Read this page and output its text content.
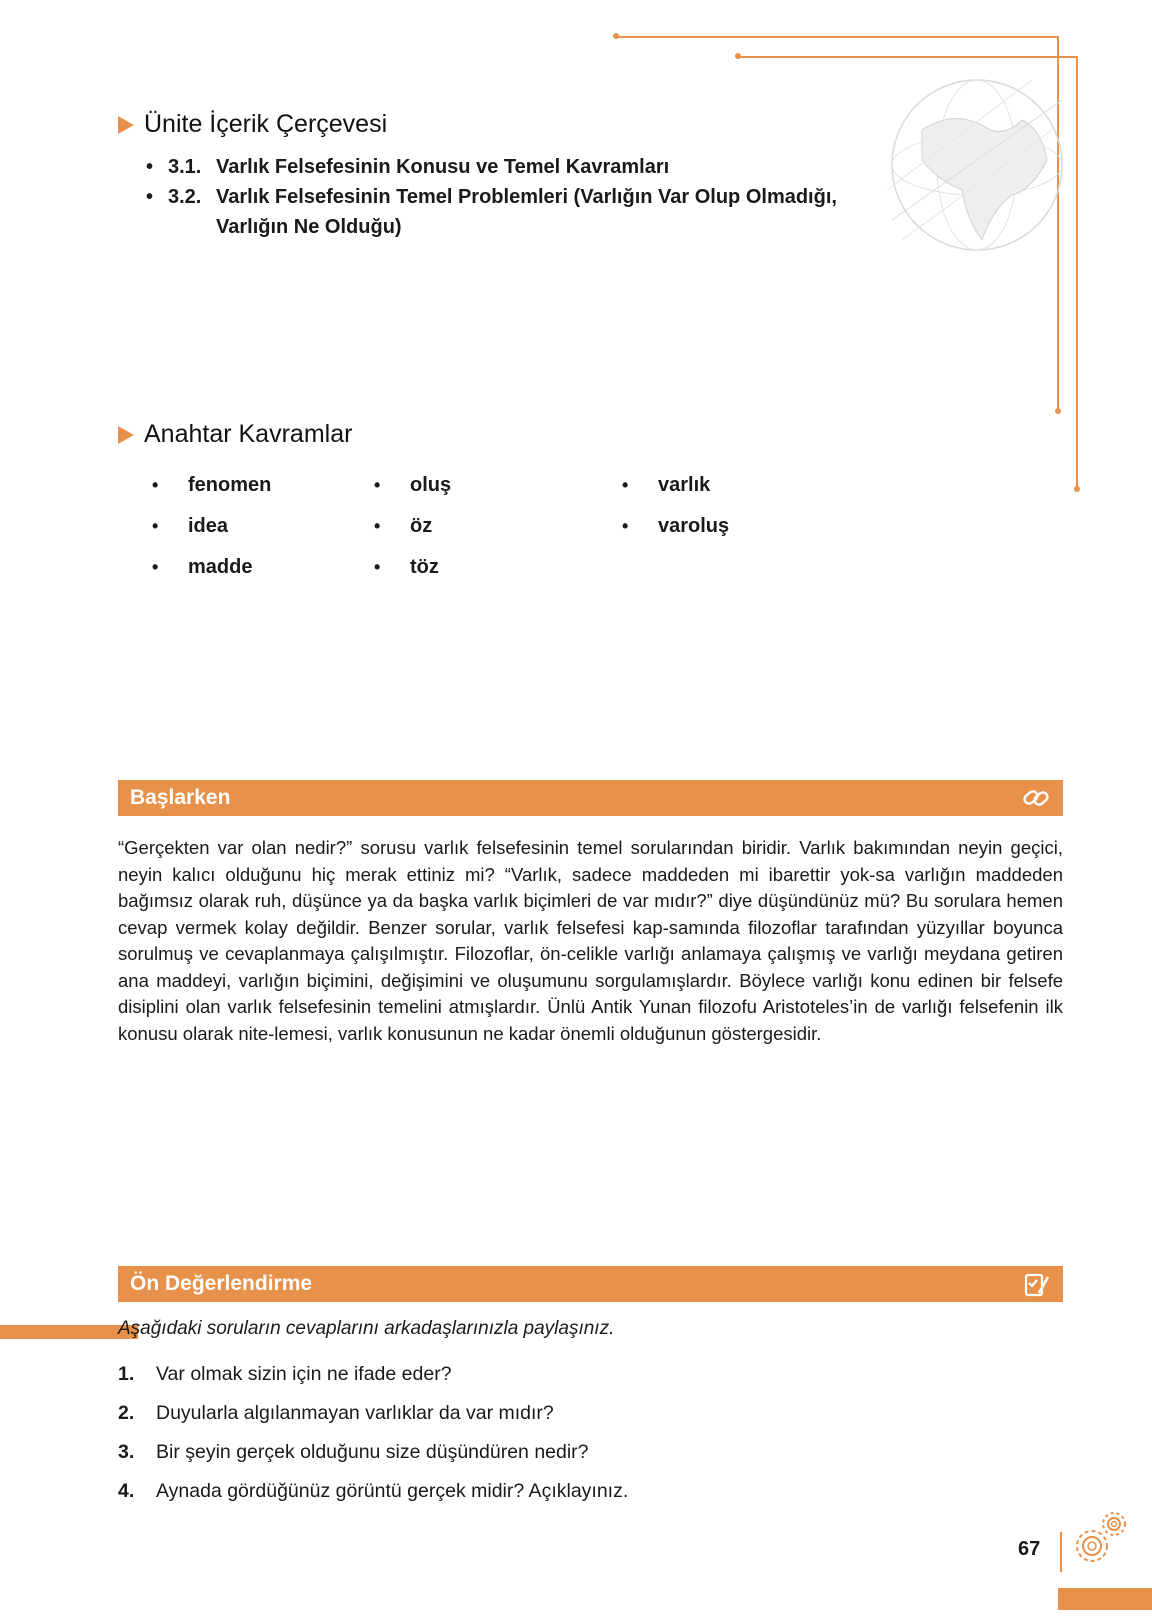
Ünite İçerik Çerçevesi
• 3.1. Varlık Felsefesinin Konusu ve Temel Kavramları
• 3.2. Varlık Felsefesinin Temel Problemleri (Varlığın Var Olup Olmadığı, Varlığın Ne Olduğu)
Anahtar Kavramlar
•	fenomen
•	idea
•	madde
•	oluş
•	öz
•	töz
•	varlık
•	varoluş
Başlarken

“Gerçekten var olan nedir?” sorusu varlık felsefesinin temel sorularından biridir. Varlık bakımından neyin geçici, neyin kalıcı olduğunu hiç merak ettiniz mi? “Varlık, sadece maddeden mi ibarettir yok-sa varlığın maddeden bağımsız olarak ruh, düşünce ya da başka varlık biçimleri de var mıdır?” diye düşündünüz mü? Bu sorulara hemen cevap vermek kolay değildir. Benzer sorular, varlık felsefesi kap-samında filozoflar tarafından yüzyıllar boyunca sorulmuş ve cevaplanmaya çalışılmıştır. Filozoflar, ön-celikle varlığı anlamaya çalışmış ve varlığı meydana getiren ana maddeyi, varlığın biçimini, değişimini ve oluşumunu sorgulamışlardır. Böylece varlığı konu edinen bir felsefe disiplini olan varlık felsefesinin temelini atmışlardır. Ünlü Antik Yunan filozofu Aristoteles’in de varlığı felsefenin ilk konusu olarak nite-lemesi, varlık konusunun ne kadar önemli olduğunun göstergesidir.

Ön Değerlendirme
Aşağıdaki soruların cevaplarını arkadaşlarınızla paylaşınız.
1.	Var olmak sizin için ne ifade eder?
2.	Duyularla algılanmayan varlıklar da var mıdır?
3.	Bir şeyin gerçek olduğunu size düşündüren nedir?
4.	Aynada gördüğünüz görüntü gerçek midir? Açıklayınız.
67
